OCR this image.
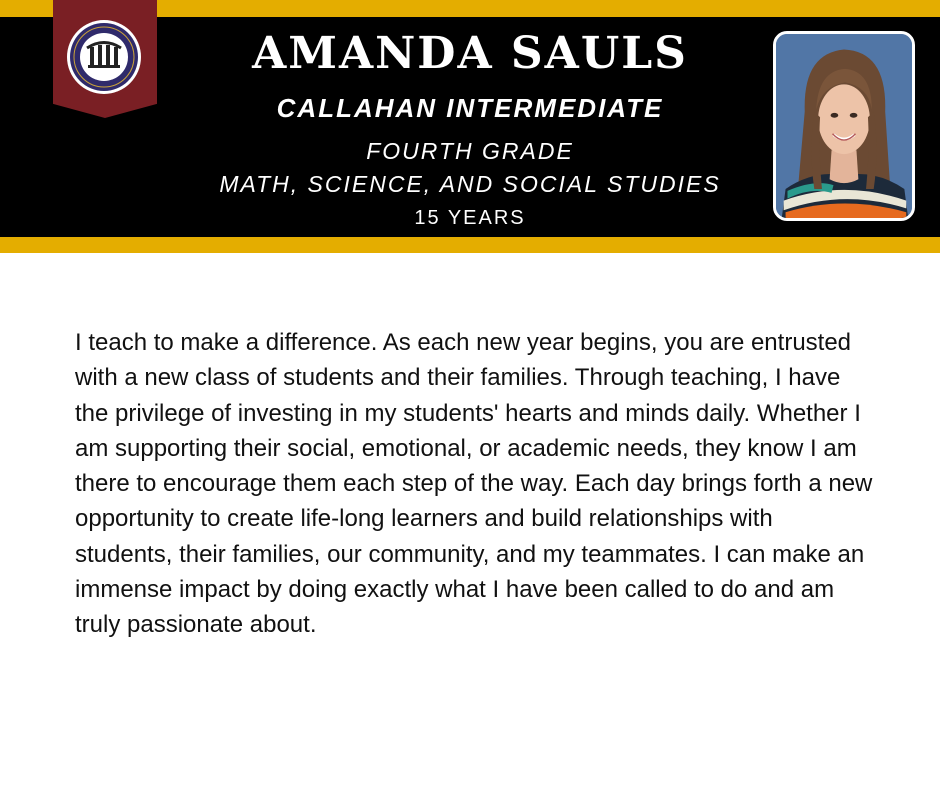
AMANDA SAULS
CALLAHAN INTERMEDIATE
FOURTH GRADE
MATH, SCIENCE, AND SOCIAL STUDIES
15 YEARS

I teach to make a difference. As each new year begins, you are entrusted with a new class of students and their families. Through teaching, I have the privilege of investing in my students' hearts and minds daily. Whether I am supporting their social, emotional, or academic needs, they know I am there to encourage them each step of the way. Each day brings forth a new opportunity to create life-long learners and build relationships with students, their families, our community, and my teammates. I can make an immense impact by doing exactly what I have been called to do and am truly passionate about.
